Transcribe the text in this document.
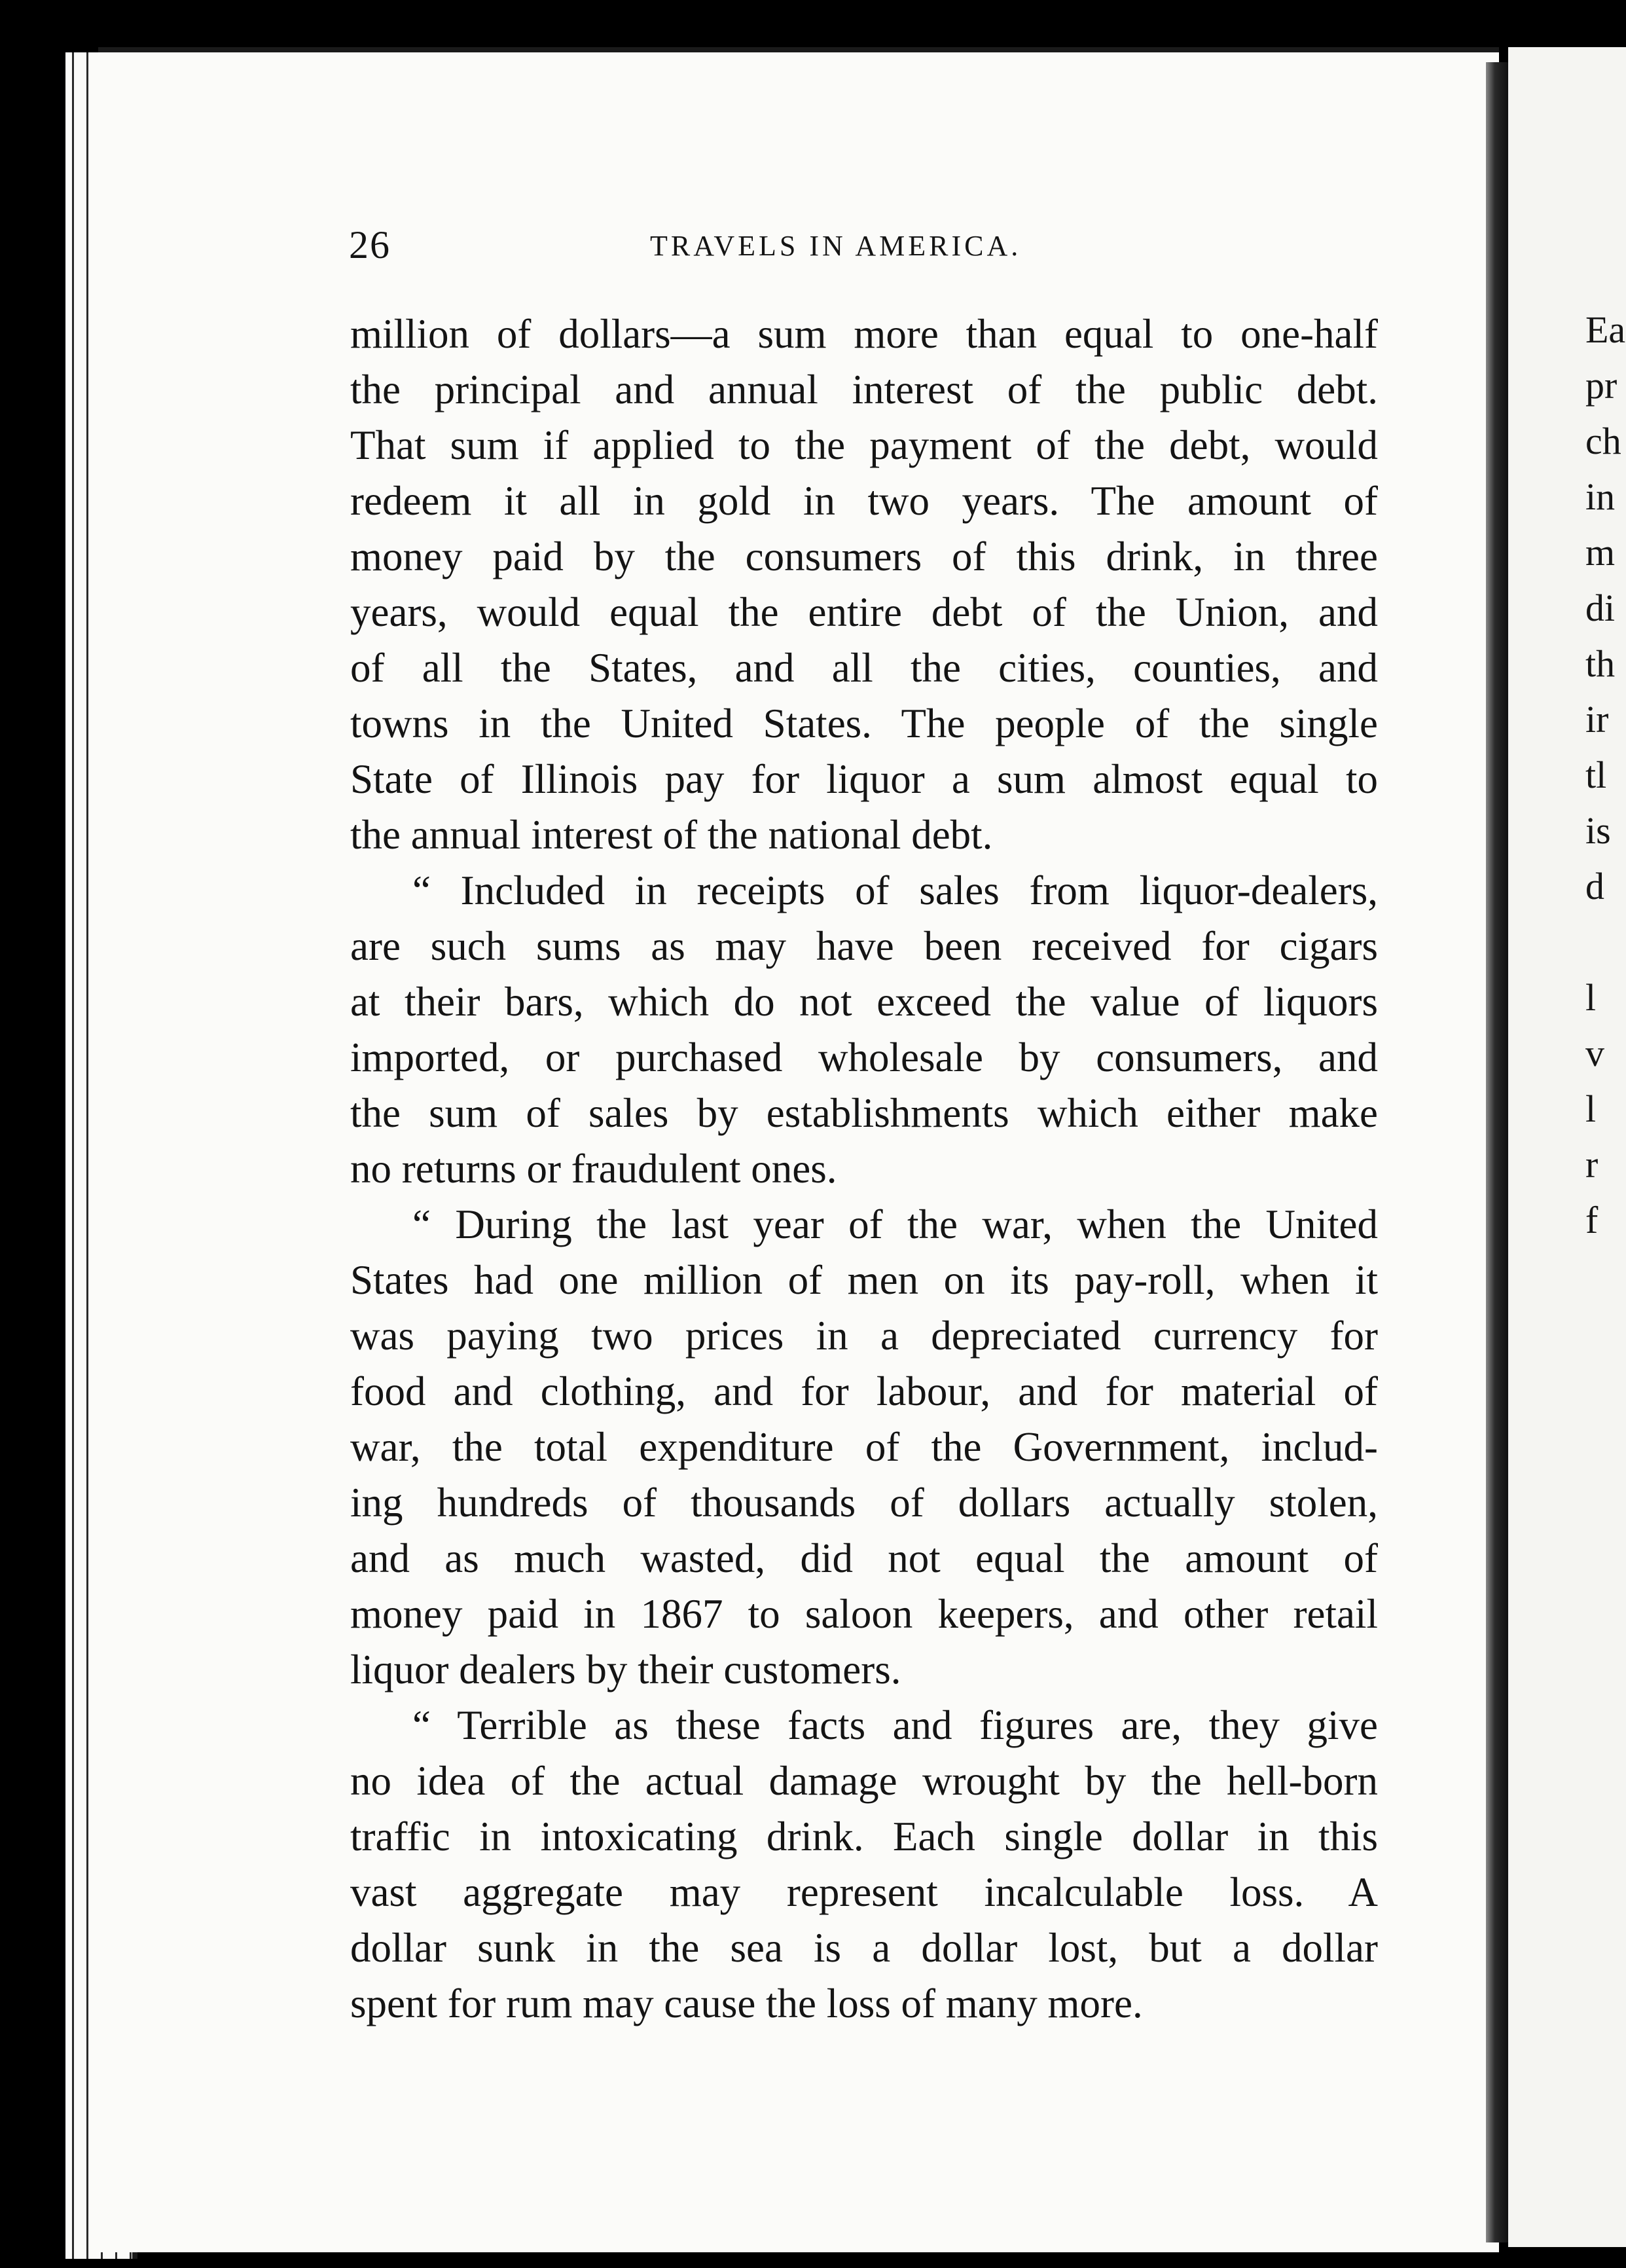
Ea
pr
ch
in
m
di
th
ir
tl
is
d
l
v
l
r
f
26	TRAVELS IN AMERICA.
million of dollars—a sum more than equal to one-half
the principal and annual interest of the public debt.
That sum if applied to the payment of the debt, would
redeem it all in gold in two years. The amount of
money paid by the consumers of this drink, in three
years, would equal the entire debt of the Union, and
of all the States, and all the cities, counties, and
towns in the United States. The people of the single
State of Illinois pay for liquor a sum almost equal to
the annual interest of the national debt.
“ Included in receipts of sales from liquor-dealers,
are such sums as may have been received for cigars
at their bars, which do not exceed the value of liquors
imported, or purchased wholesale by consumers, and
the sum of sales by establishments which either make
no returns or fraudulent ones.
“ During the last year of the war, when the United
States had one million of men on its pay-roll, when it
was paying two prices in a depreciated currency for
food and clothing, and for labour, and for material of
war, the total expenditure of the Government, includ-
ing hundreds of thousands of dollars actually stolen,
and as much wasted, did not equal the amount of
money paid in 1867 to saloon keepers, and other retail
liquor dealers by their customers.
“ Terrible as these facts and figures are, they give
no idea of the actual damage wrought by the hell-born
traffic in intoxicating drink. Each single dollar in this
vast aggregate may represent incalculable loss. A
dollar sunk in the sea is a dollar lost, but a dollar
spent for rum may cause the loss of many more.
